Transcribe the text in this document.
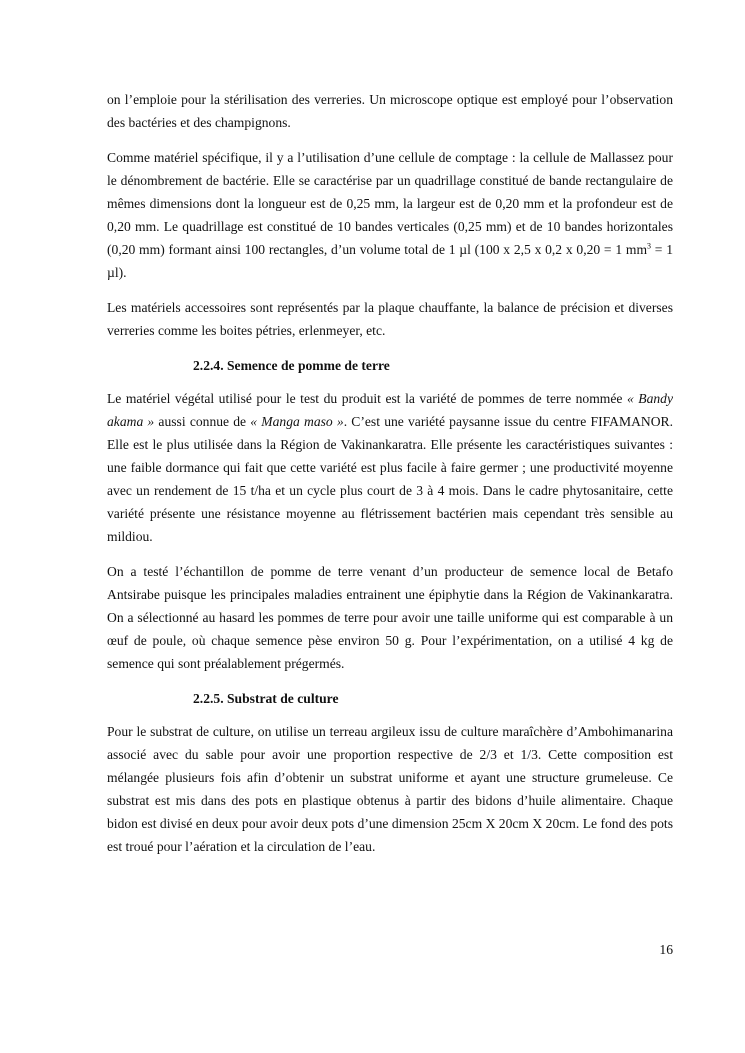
on l’emploie pour la stérilisation des verreries. Un microscope optique est employé pour l’observation des bactéries et des champignons.

Comme matériel spécifique, il y a l’utilisation d’une cellule de comptage : la cellule de Mallassez pour le dénombrement de bactérie. Elle se caractérise par un quadrillage constitué de bande rectangulaire de mêmes dimensions dont la longueur est de 0,25 mm, la largeur est de 0,20 mm et la profondeur est de 0,20 mm. Le quadrillage est constitué de 10 bandes verticales (0,25 mm) et de 10 bandes horizontales (0,20 mm) formant ainsi 100 rectangles, d’un volume total de 1 µl (100 x 2,5 x 0,2 x 0,20 = 1 $mm^3 = 1$ µl).

Les matériels accessoires sont représentés par la plaque chauffante, la balance de précision et diverses verreries comme les boites pétries, erlenmeyer, etc.

2.2.4. Semence de pomme de terre

Le matériel végétal utilisé pour le test du produit est la variété de pommes de terre nommée « Bandy akama » aussi connue de « Manga maso ». C’est une variété paysanne issue du centre FIFAMANOR. Elle est le plus utilisée dans la Région de Vakinankaratra. Elle présente les caractéristiques suivantes : une faible dormance qui fait que cette variété est plus facile à faire germer ; une productivité moyenne avec un rendement de 15 t/ha et un cycle plus court de 3 à 4 mois. Dans le cadre phytosanitaire, cette variété présente une résistance moyenne au flétrissement bactérien mais cependant très sensible au mildiou.

On a testé l’échantillon de pomme de terre venant d’un producteur de semence local de Betafo Antsirabe puisque les principales maladies entrainent une épiphytie dans la Région de Vakinankaratra. On a sélectionné au hasard les pommes de terre pour avoir une taille uniforme qui est comparable à un œuf de poule, où chaque semence pèse environ 50 g. Pour l’expérimentation, on a utilisé 4 kg de semence qui sont préalablement prégermés.

2.2.5. Substrat de culture

Pour le substrat de culture, on utilise un terreau argileux issu de culture maraîchère d’Ambohimanarina associé avec du sable pour avoir une proportion respective de 2/3 et 1/3. Cette composition est mélangée plusieurs fois afin d’obtenir un substrat uniforme et ayant une structure grumeleuse. Ce substrat est mis dans des pots en plastique obtenus à partir des bidons d’huile alimentaire. Chaque bidon est divisé en deux pour avoir deux pots d’une dimension 25cm X 20cm X 20cm. Le fond des pots est troué pour l’aération et la circulation de l’eau.

16
